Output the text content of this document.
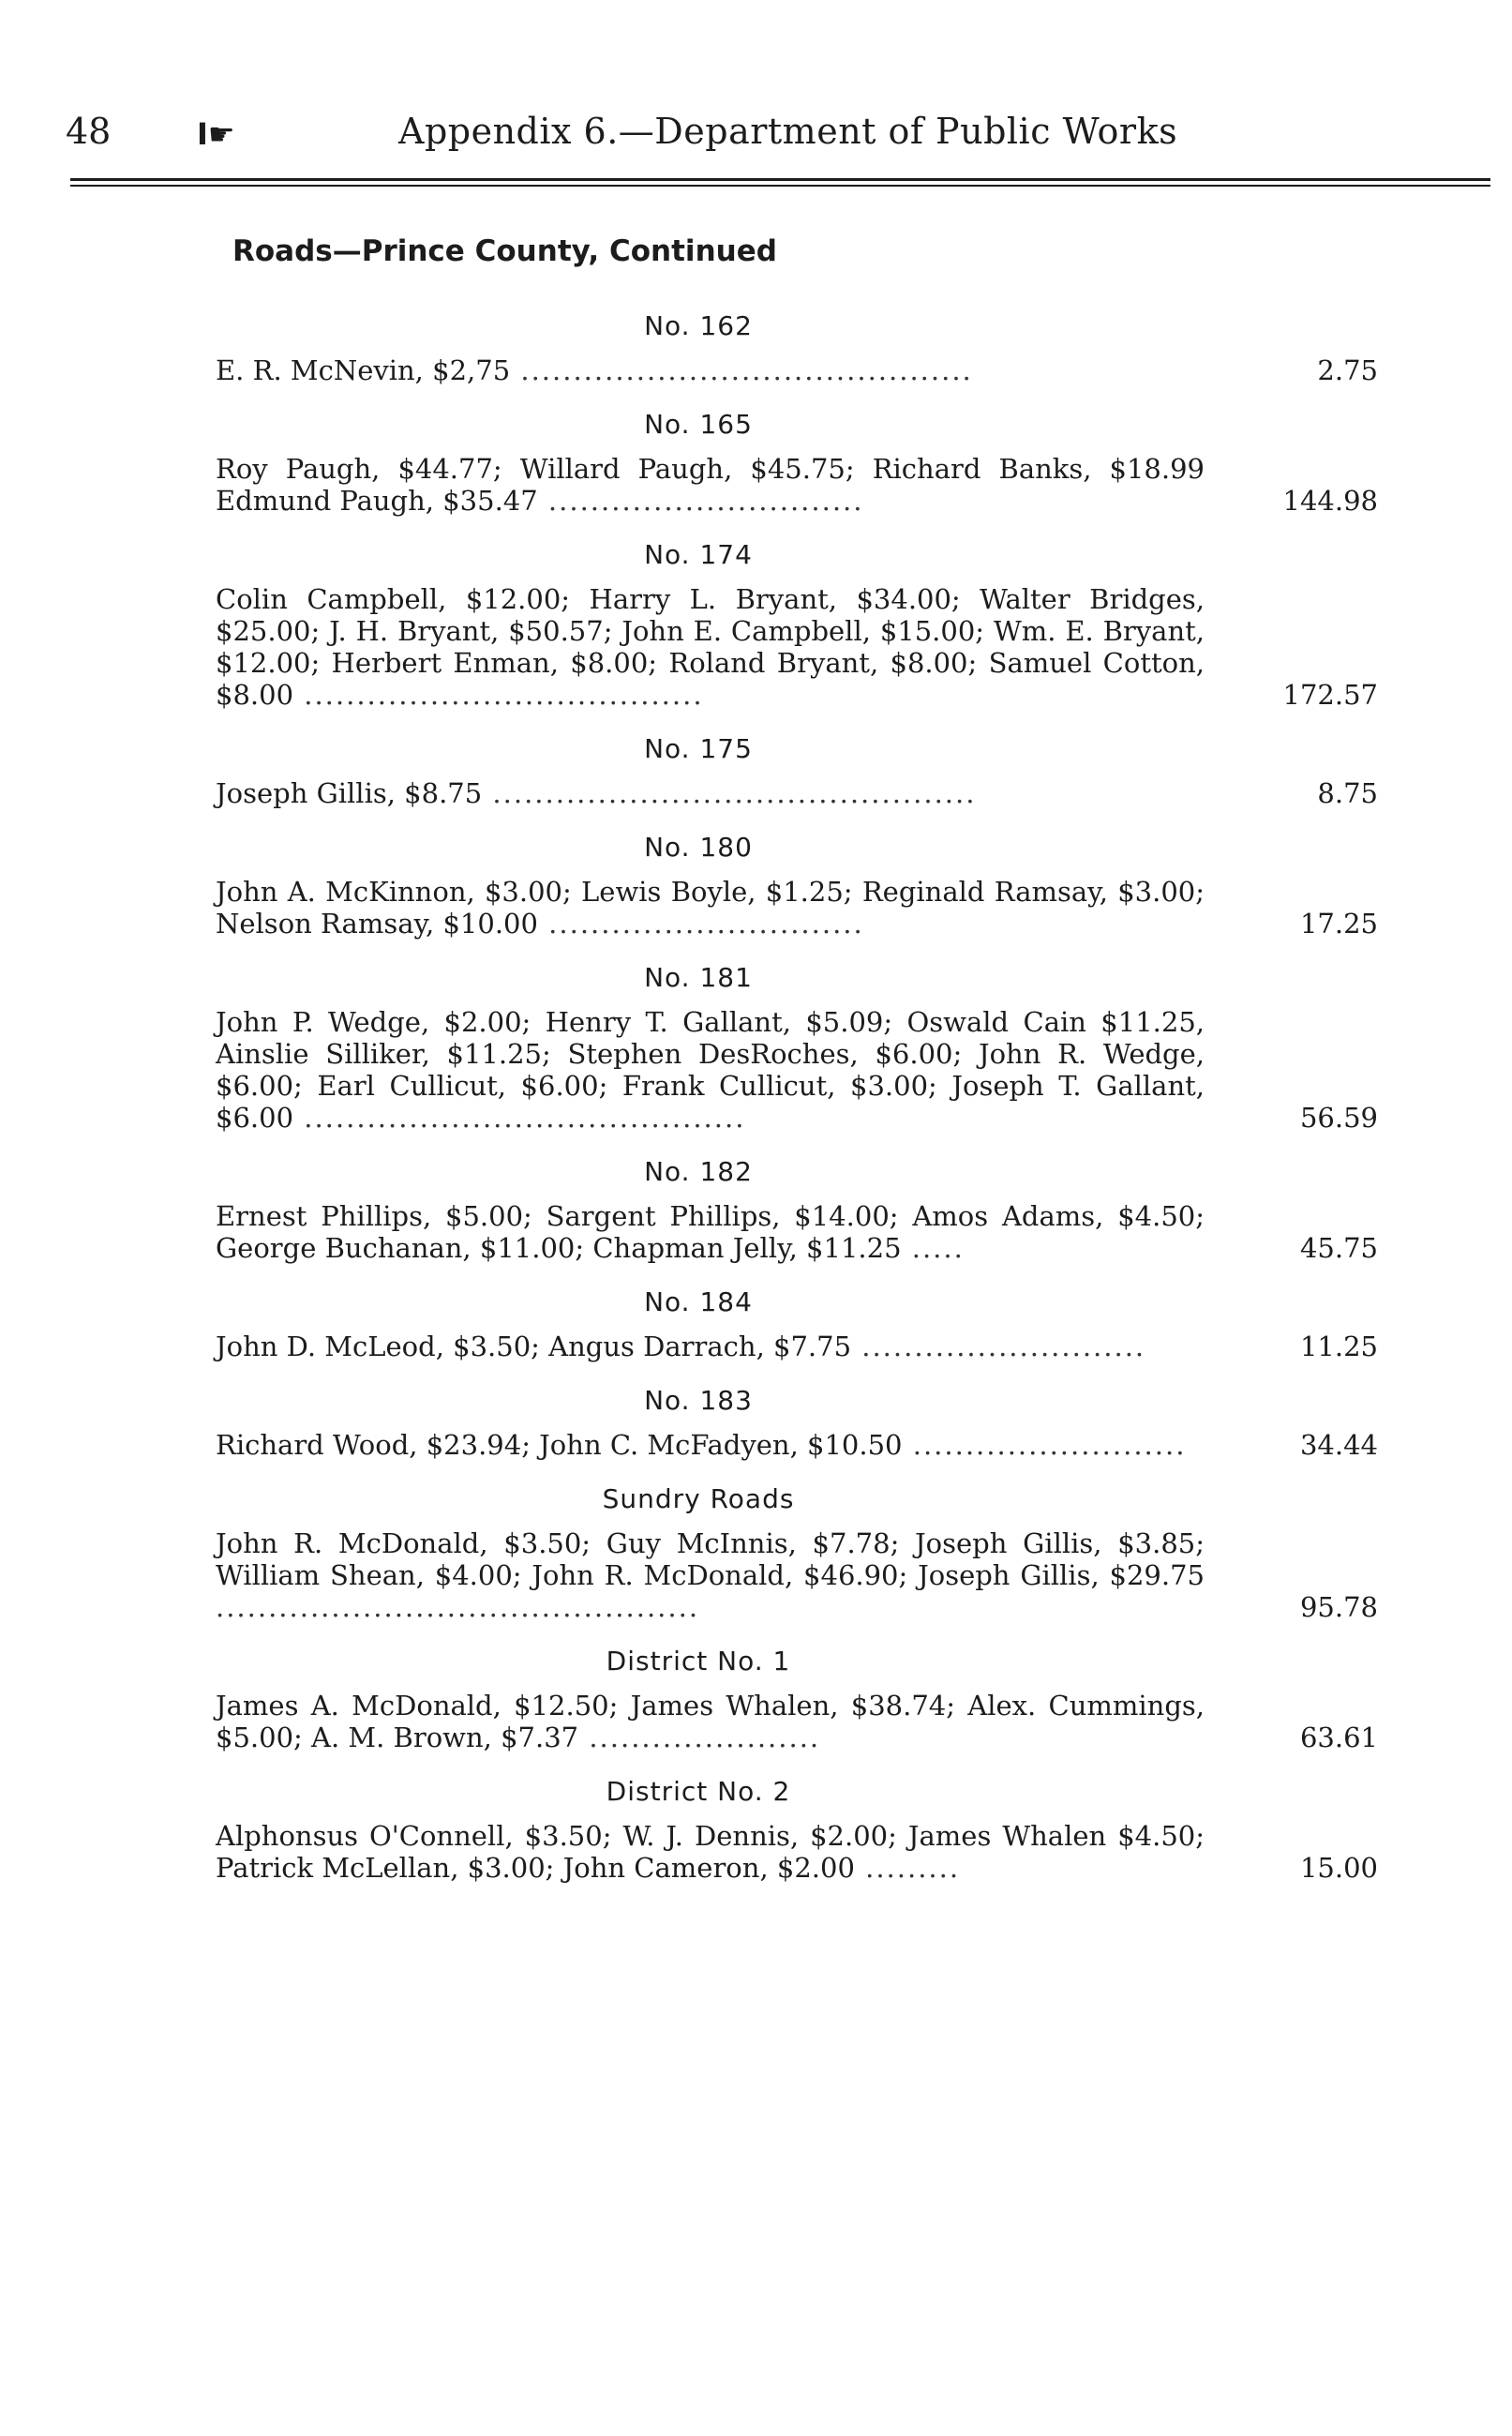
48	I☛	Appendix 6.—Department of Public Works
Roads—Prince County, Continued
No. 162
E. R. McNevin, $2,75 ...........................................	2.75
No. 165
Roy Paugh, $44.77; Willard Paugh, $45.75; Richard Banks, $18.99 Edmund Paugh, $35.47 ..............................	144.98
No. 174
Colin Campbell, $12.00; Harry L. Bryant, $34.00; Walter Bridges, $25.00; J. H. Bryant, $50.57; John E. Campbell, $15.00; Wm. E. Bryant, $12.00; Herbert Enman, $8.00; Roland Bryant, $8.00; Samuel Cotton, $8.00 ......................................	172.57
No. 175
Joseph Gillis, $8.75 ..............................................	8.75
No. 180
John A. McKinnon, $3.00; Lewis Boyle, $1.25; Reginald Ramsay, $3.00; Nelson Ramsay, $10.00 ..............................	17.25
No. 181
John P. Wedge, $2.00; Henry T. Gallant, $5.09; Oswald Cain $11.25, Ainslie Silliker, $11.25; Stephen DesRoches, $6.00; John R. Wedge, $6.00; Earl Cullicut, $6.00; Frank Cullicut, $3.00; Joseph T. Gallant, $6.00 ..........................................	56.59
No. 182
Ernest Phillips, $5.00; Sargent Phillips, $14.00; Amos Adams, $4.50; George Buchanan, $11.00; Chapman Jelly, $11.25 .....	45.75
No. 184
John D. McLeod, $3.50; Angus Darrach, $7.75 ...........................	11.25
No. 183
Richard Wood, $23.94; John C. McFadyen, $10.50 ..........................	34.44
Sundry Roads
John R. McDonald, $3.50; Guy McInnis, $7.78; Joseph Gillis, $3.85; William Shean, $4.00; John R. McDonald, $46.90; Joseph Gillis, $29.75 ..............................................	95.78
District No. 1
James A. McDonald, $12.50; James Whalen, $38.74; Alex. Cummings, $5.00; A. M. Brown, $7.37 ......................	63.61
District No. 2
Alphonsus O'Connell, $3.50; W. J. Dennis, $2.00; James Whalen $4.50; Patrick McLellan, $3.00; John Cameron, $2.00 .........	15.00
